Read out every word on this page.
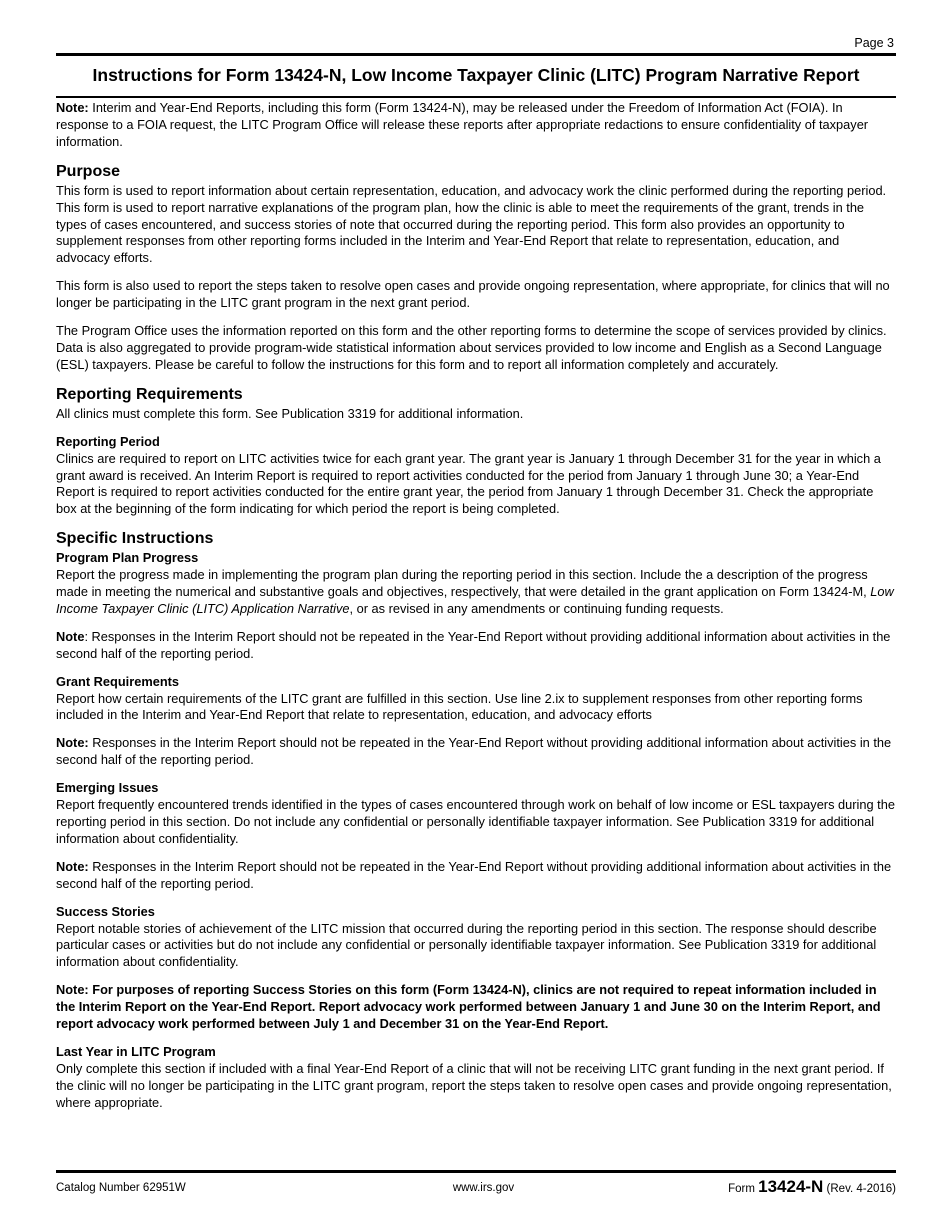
Page 3
Instructions for Form 13424-N, Low Income Taxpayer Clinic (LITC) Program Narrative Report

Note: Interim and Year-End Reports, including this form (Form 13424-N), may be released under the Freedom of Information Act (FOIA). In response to a FOIA request, the LITC Program Office will release these reports after appropriate redactions to ensure confidentiality of taxpayer information.

Purpose

This form is used to report information about certain representation, education, and advocacy work the clinic performed during the reporting period. This form is used to report narrative explanations of the program plan, how the clinic is able to meet the requirements of the grant, trends in the types of cases encountered, and success stories of note that occurred during the reporting period. This form also provides an opportunity to supplement responses from other reporting forms included in the Interim and Year-End Report that relate to representation, education, and advocacy efforts.

This form is also used to report the steps taken to resolve open cases and provide ongoing representation, where appropriate, for clinics that will no longer be participating in the LITC grant program in the next grant period.

The Program Office uses the information reported on this form and the other reporting forms to determine the scope of services provided by clinics. Data is also aggregated to provide program-wide statistical information about services provided to low income and English as a Second Language (ESL) taxpayers. Please be careful to follow the instructions for this form and to report all information completely and accurately.

Reporting Requirements

All clinics must complete this form. See Publication 3319 for additional information.

Reporting Period

Clinics are required to report on LITC activities twice for each grant year. The grant year is January 1 through December 31 for the year in which a grant award is received. An Interim Report is required to report activities conducted for the period from January 1 through June 30; a Year-End Report is required to report activities conducted for the entire grant year, the period from January 1 through December 31. Check the appropriate box at the beginning of the form indicating for which period the report is being completed.

Specific Instructions
Program Plan Progress

Report the progress made in implementing the program plan during the reporting period in this section. Include the a description of the progress made in meeting the numerical and substantive goals and objectives, respectively, that were detailed in the grant application on Form 13424-M, Low Income Taxpayer Clinic (LITC) Application Narrative, or as revised in any amendments or continuing funding requests.

Note: Responses in the Interim Report should not be repeated in the Year-End Report without providing additional information about activities in the second half of the reporting period.

Grant Requirements

Report how certain requirements of the LITC grant are fulfilled in this section. Use line 2.ix to supplement responses from other reporting forms included in the Interim and Year-End Report that relate to representation, education, and advocacy efforts

Note: Responses in the Interim Report should not be repeated in the Year-End Report without providing additional information about activities in the second half of the reporting period.

Emerging Issues

Report frequently encountered trends identified in the types of cases encountered through work on behalf of low income or ESL taxpayers during the reporting period in this section. Do not include any confidential or personally identifiable taxpayer information. See Publication 3319 for additional information about confidentiality.

Note: Responses in the Interim Report should not be repeated in the Year-End Report without providing additional information about activities in the second half of the reporting period.

Success Stories

Report notable stories of achievement of the LITC mission that occurred during the reporting period in this section. The response should describe particular cases or activities but do not include any confidential or personally identifiable taxpayer information. See Publication 3319 for additional information about confidentiality.

Note: For purposes of reporting Success Stories on this form (Form 13424-N), clinics are not required to repeat information included in the Interim Report on the Year-End Report. Report advocacy work performed between January 1 and June 30 on the Interim Report, and report advocacy work performed between July 1 and December 31 on the Year-End Report.

Last Year in LITC Program

Only complete this section if included with a final Year-End Report of a clinic that will not be receiving LITC grant funding in the next grant period. If the clinic will no longer be participating in the LITC grant program, report the steps taken to resolve open cases and provide ongoing representation, where appropriate.

Catalog Number 62951W	www.irs.gov	Form 13424-N (Rev. 4-2016)
